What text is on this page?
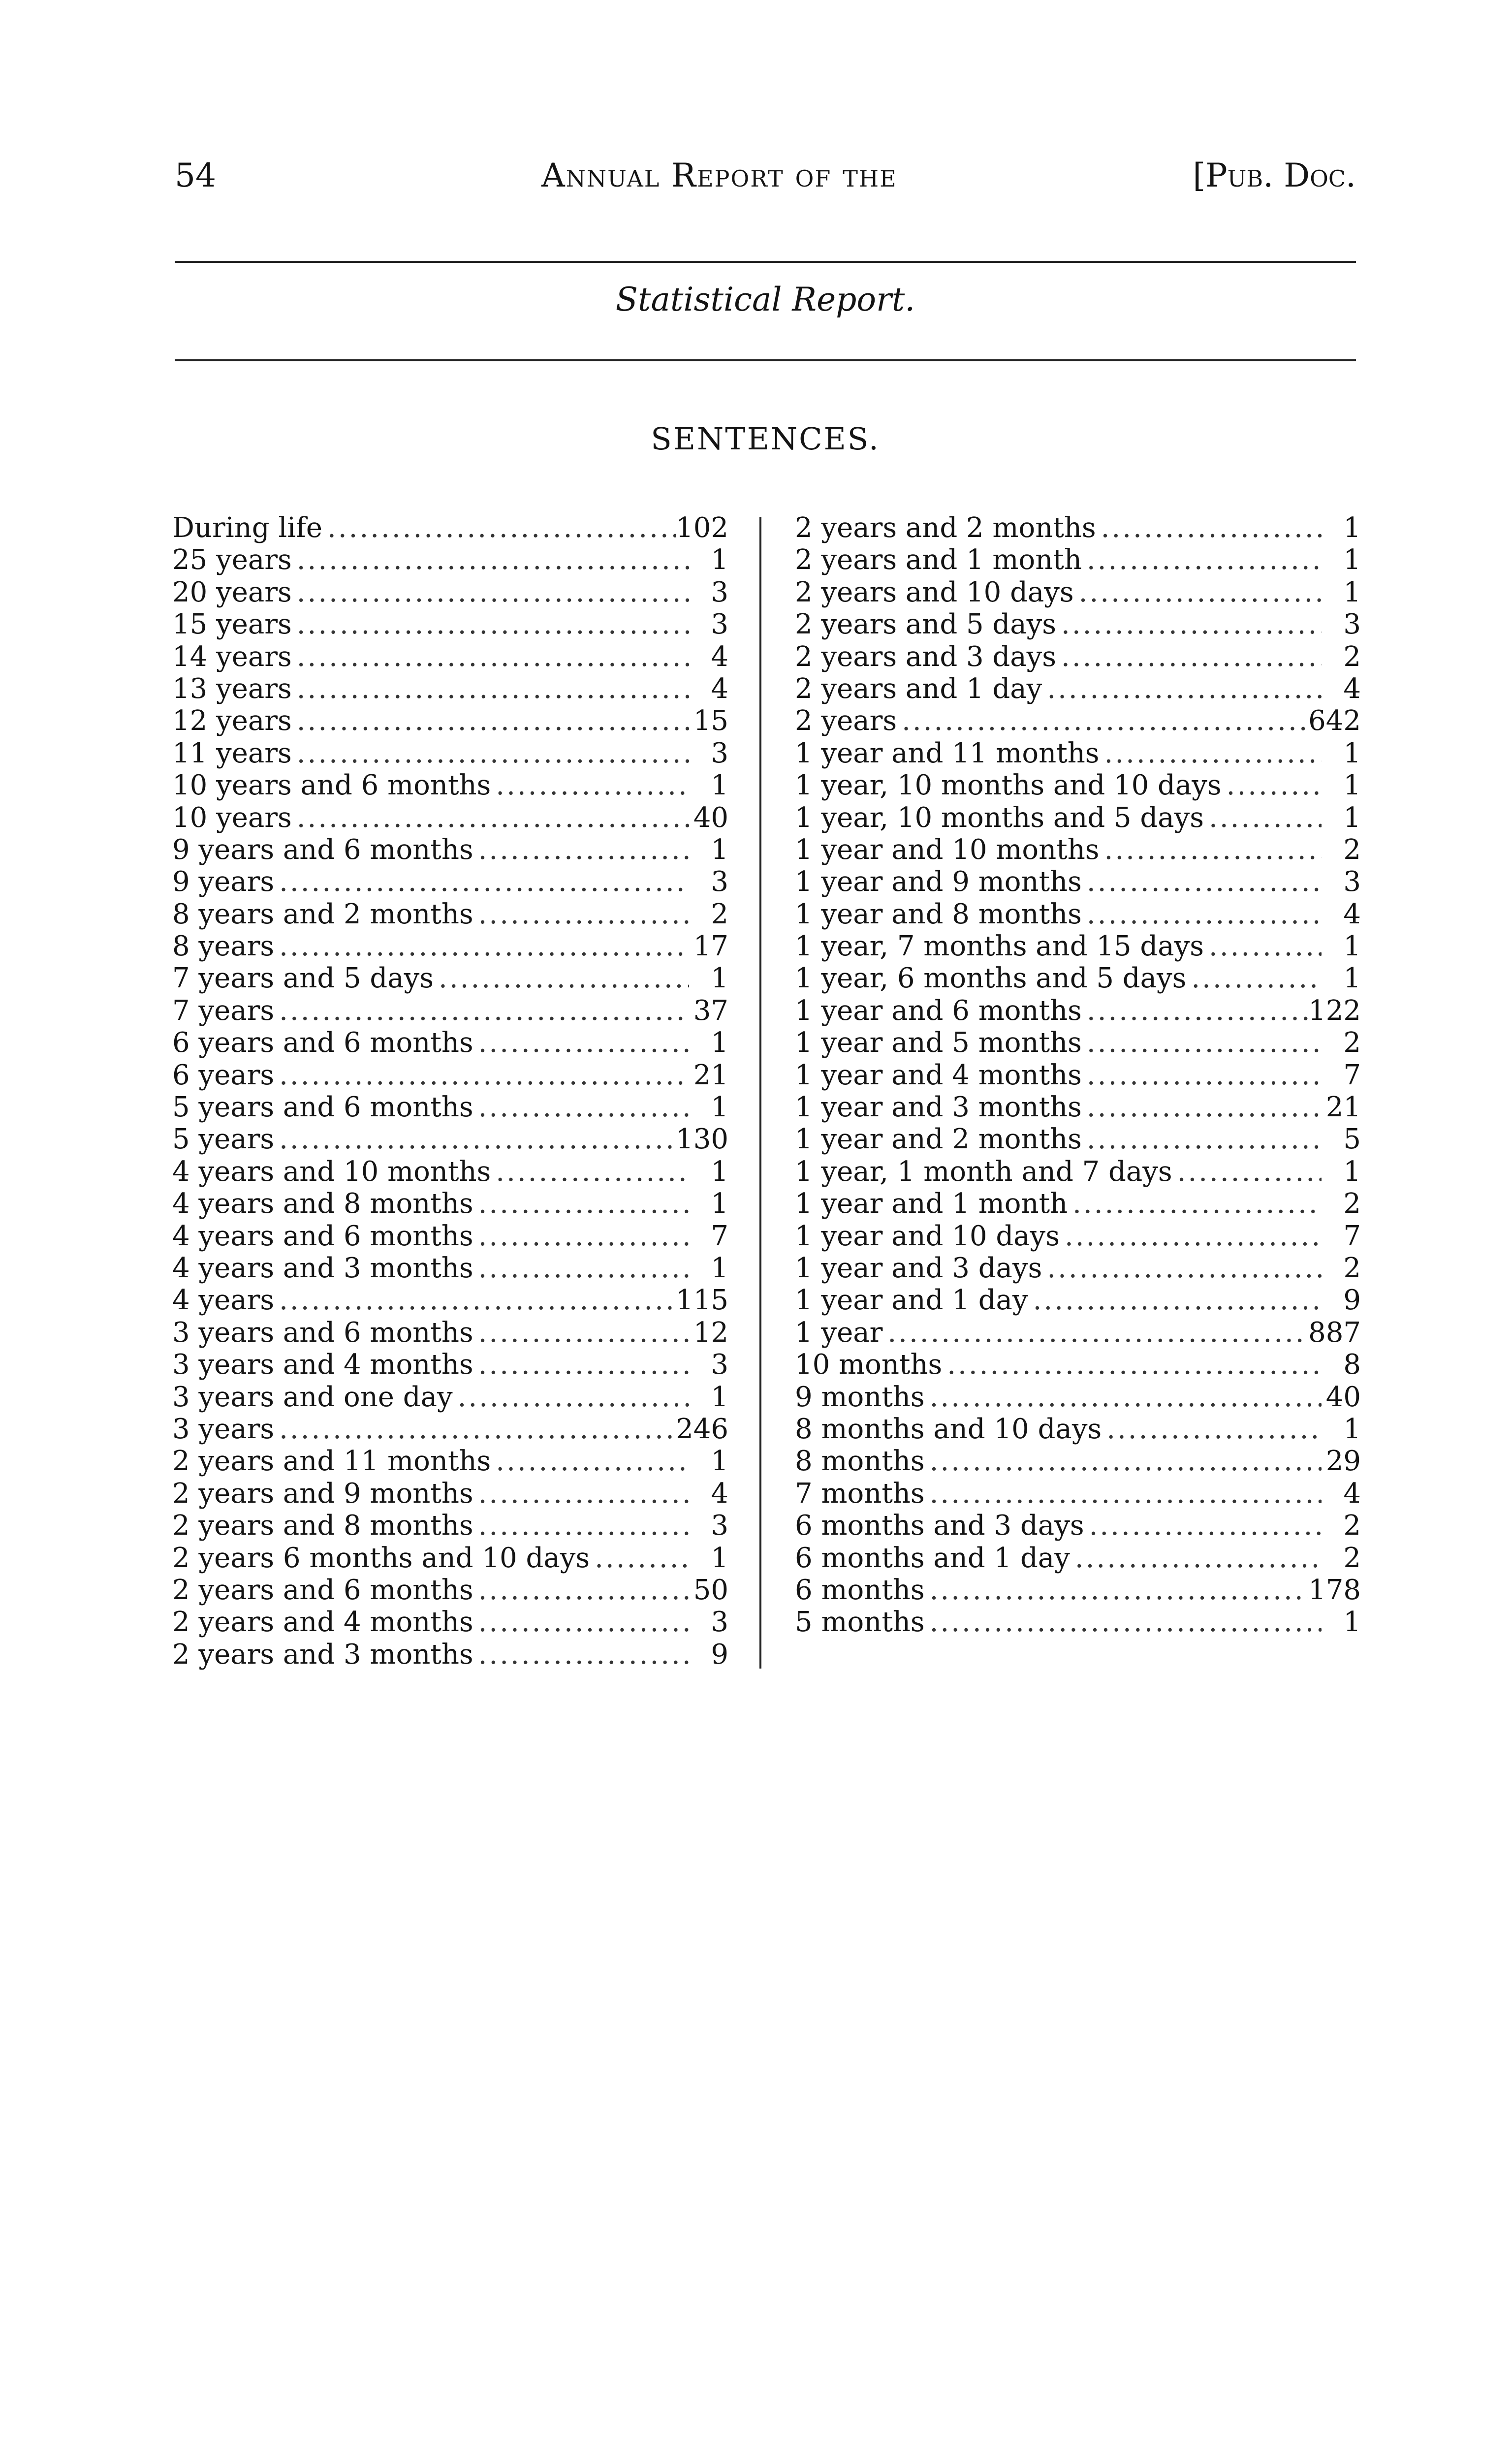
54	Annual Report of the	[Pub. Doc.
Statistical Report.
SENTENCES.
During life .....	102
25 years .....	1
20 years .....	3
15 years .....	3
14 years .....	4
13 years .....	4
12 years .....	15
11 years .....	3
10 years and 6 months .....	1
10 years .....	40
9 years and 6 months .....	1
9 years .....	3
8 years and 2 months .....	2
8 years .....	17
7 years and 5 days .....	1
7 years .....	37
6 years and 6 months .....	1
6 years .....	21
5 years and 6 months .....	1
5 years .....	130
4 years and 10 months .....	1
4 years and 8 months .....	1
4 years and 6 months .....	7
4 years and 3 months .....	1
4 years .....	115
3 years and 6 months .....	12
3 years and 4 months .....	3
3 years and one day .....	1
3 years .....	246
2 years and 11 months .....	1
2 years and 9 months .....	4
2 years and 8 months .....	3
2 years 6 months and 10 days .....	1
2 years and 6 months .....	50
2 years and 4 months .....	3
2 years and 3 months .....	9
2 years and 2 months .....	1
2 years and 1 month .....	1
2 years and 10 days .....	1
2 years and 5 days .....	3
2 years and 3 days .....	2
2 years and 1 day .....	4
2 years .....	642
1 year and 11 months .....	1
1 year, 10 months and 10 days .....	1
1 year, 10 months and 5 days .....	1
1 year and 10 months .....	2
1 year and 9 months .....	3
1 year and 8 months .....	4
1 year, 7 months and 15 days .....	1
1 year, 6 months and 5 days .....	1
1 year and 6 months .....	122
1 year and 5 months .....	2
1 year and 4 months .....	7
1 year and 3 months .....	21
1 year and 2 months .....	5
1 year, 1 month and 7 days .....	1
1 year and 1 month .....	2
1 year and 10 days .....	7
1 year and 3 days .....	2
1 year and 1 day .....	9
1 year .....	887
10 months .....	8
9 months .....	40
8 months and 10 days .....	1
8 months .....	29
7 months .....	4
6 months and 3 days .....	2
6 months and 1 day .....	2
6 months .....	178
5 months .....	1
